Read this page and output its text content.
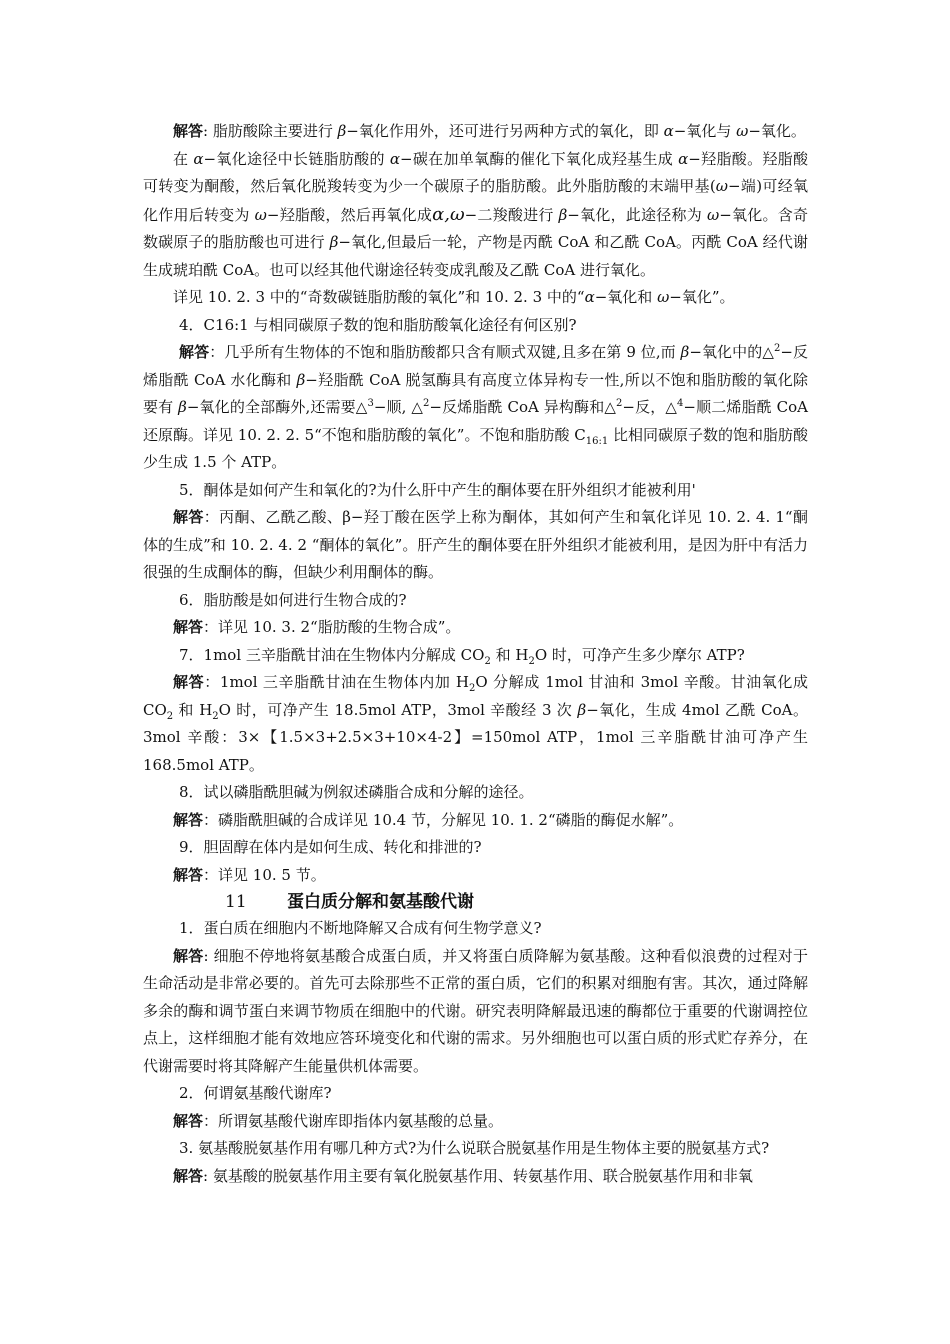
解答: 脂肪酸除主要进行 β−氧化作用外，还可进行另两种方式的氧化，即 α−氧化与 ω−氧化。

在 α−氧化途径中长链脂肪酸的 α−碳在加单氧酶的催化下氧化成羟基生成 α−羟脂酸。羟脂酸可转变为酮酸，然后氧化脱羧转变为少一个碳原子的脂肪酸。此外脂肪酸的末端甲基(ω−端)可经氧化作用后转变为 ω−羟脂酸，然后再氧化成α,ω−二羧酸进行 β−氧化，此途径称为 ω−氧化。含奇数碳原子的脂肪酸也可进行 β−氧化,但最后一轮，产物是丙酰 CoA 和乙酰 CoA。丙酰 CoA 经代谢生成琥珀酰 CoA。也可以经其他代谢途径转变成乳酸及乙酰 CoA 进行氧化。

详见 10. 2. 3 中的“奇数碳链脂肪酸的氧化”和 10. 2. 3 中的“α−氧化和 ω−氧化”。

4．C16:1 与相同碳原子数的饱和脂肪酸氧化途径有何区别?

解答：几乎所有生物体的不饱和脂肪酸都只含有顺式双键,且多在第 9 位,而 β−氧化中的△$^2$−反烯脂酰 CoA 水化酶和 β−羟脂酰 CoA 脱氢酶具有高度立体异构专一性,所以不饱和脂肪酸的氧化除要有 β−氧化的全部酶外,还需要△$^3$−顺, △$^2$−反烯脂酰 CoA 异构酶和△$^2$−反，△$^4$−顺二烯脂酰 CoA 还原酶。详见 10. 2. 2. 5“不饱和脂肪酸的氧化”。不饱和脂肪酸 $C_{16:1}$ 比相同碳原子数的饱和脂肪酸少生成 1.5 个 ATP。

5．酮体是如何产生和氧化的?为什么肝中产生的酮体要在肝外组织才能被利用'

解答：丙酮、乙酰乙酸、β−羟丁酸在医学上称为酮体，其如何产生和氧化详见 10. 2. 4. 1“酮体的生成”和 10. 2. 4. 2 “酮体的氧化”。肝产生的酮体要在肝外组织才能被利用，是因为肝中有活力很强的生成酮体的酶，但缺少利用酮体的酶。

6．脂肪酸是如何进行生物合成的?

解答：详见 10. 3. 2“脂肪酸的生物合成”。

7．1mol 三辛脂酰甘油在生物体内分解成 $CO_2$ 和 $H_2O$ 时，可净产生多少摩尔 ATP?

解答：1mol 三辛脂酰甘油在生物体内加 $H_2O$ 分解成 1mol 甘油和 3mol 辛酸。甘油氧化成 $CO_2$ 和 $H_2O$ 时，可净产生 18.5mol ATP，3mol 辛酸经 3 次 β−氧化，生成 4mol 乙酰 CoA。3mol 辛酸：3×【1.5×3+2.5×3+10×4-2】=150mol ATP，1mol 三辛脂酰甘油可净产生 168.5mol ATP。

8．试以磷脂酰胆碱为例叙述磷脂合成和分解的途径。

解答：磷脂酰胆碱的合成详见 10.4 节，分解见 10. 1. 2“磷脂的酶促水解”。

9．胆固醇在体内是如何生成、转化和排泄的?

解答：详见 10. 5 节。

11 蛋白质分解和氨基酸代谢

1．蛋白质在细胞内不断地降解又合成有何生物学意义?

解答: 细胞不停地将氨基酸合成蛋白质，并又将蛋白质降解为氨基酸。这种看似浪费的过程对于生命活动是非常必要的。首先可去除那些不正常的蛋白质，它们的积累对细胞有害。其次，通过降解多余的酶和调节蛋白来调节物质在细胞中的代谢。研究表明降解最迅速的酶都位于重要的代谢调控位点上，这样细胞才能有效地应答环境变化和代谢的需求。另外细胞也可以蛋白质的形式贮存养分，在代谢需要时将其降解产生能量供机体需要。

2．何谓氨基酸代谢库?

解答：所谓氨基酸代谢库即指体内氨基酸的总量。

3. 氨基酸脱氨基作用有哪几种方式?为什么说联合脱氨基作用是生物体主要的脱氨基方式?

解答: 氨基酸的脱氨基作用主要有氧化脱氨基作用、转氨基作用、联合脱氨基作用和非氧
